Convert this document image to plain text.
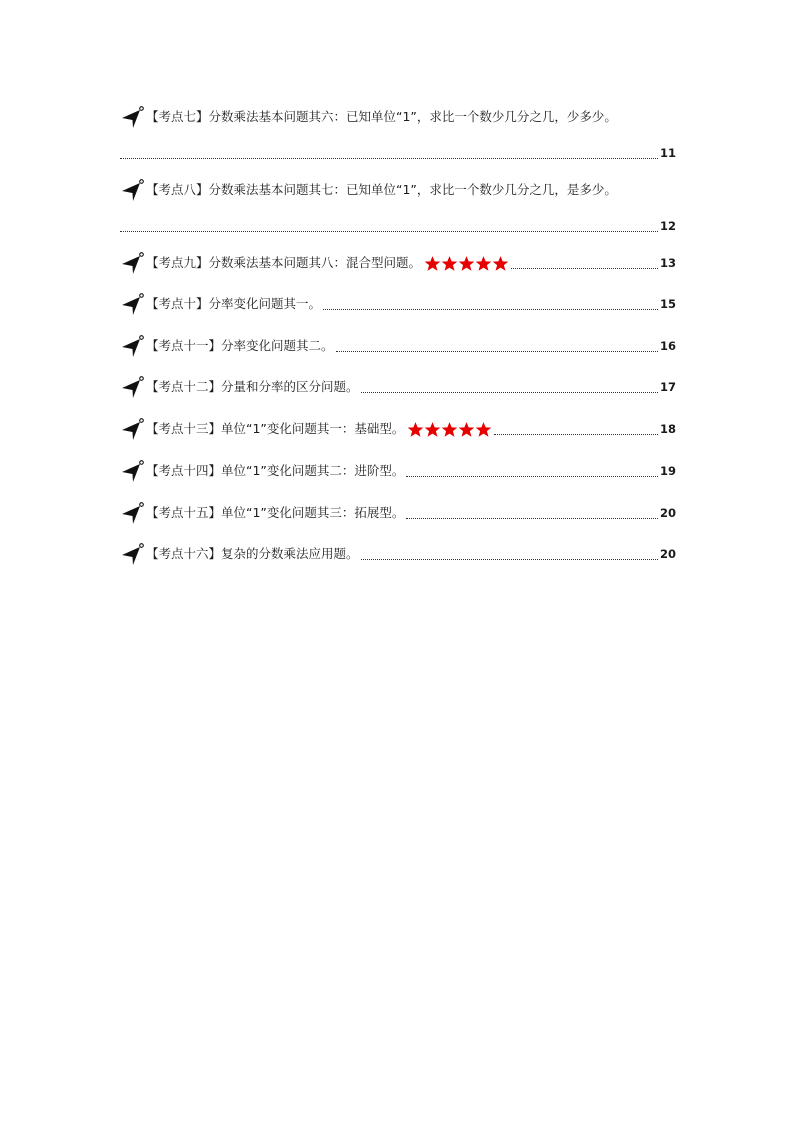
【考点七】分数乘法基本问题其六：已知单位“1”，求比一个数少几分之几，少多少。
11
【考点八】分数乘法基本问题其七：已知单位“1”，求比一个数少几分之几，是多少。
12
【考点九】分数乘法基本问题其八：混合型问题。	13
【考点十】分率变化问题其一。	15
【考点十一】分率变化问题其二。	16
【考点十二】分量和分率的区分问题。	17
【考点十三】单位“1”变化问题其一：基础型。	18
【考点十四】单位“1”变化问题其二：进阶型。	19
【考点十五】单位“1”变化问题其三：拓展型。	20
【考点十六】复杂的分数乘法应用题。	20
